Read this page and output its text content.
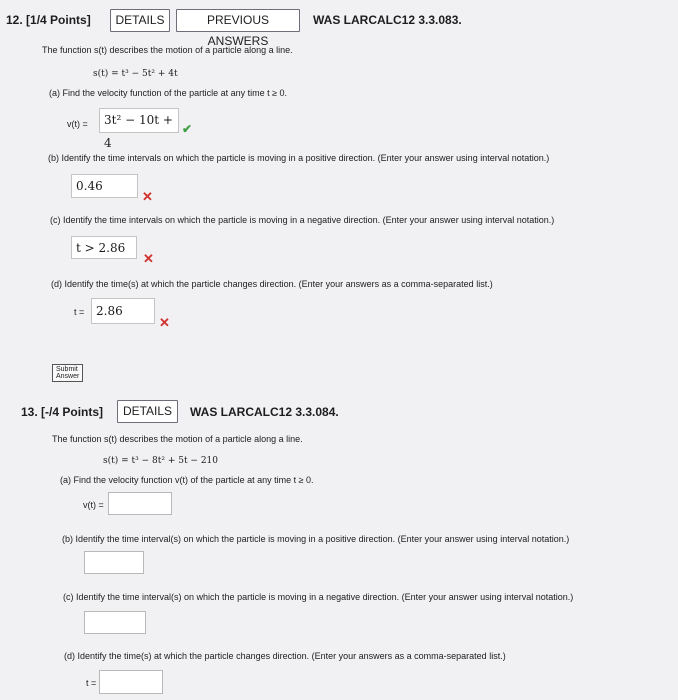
12. [1/4 Points]	DETAILS	PREVIOUS ANSWERS
WAS LARCALC12 3.3.083.
The function s(t) describes the motion of a particle along a line.
s(t) = t³ − 5t² + 4t
(a) Find the velocity function of the particle at any time t ≥ 0.
v(t) =	3t² − 10t + 4
✔
(b) Identify the time intervals on which the particle is moving in a positive direction. (Enter your answer using interval notation.)
0.46
✕
(c) Identify the time intervals on which the particle is moving in a negative direction. (Enter your answer using interval notation.)
t > 2.86
✕
(d) Identify the time(s) at which the particle changes direction. (Enter your answers as a comma-separated list.)
t = 2.86
✕
Submit Answer
13. [-/4 Points]	DETAILS	WAS LARCALC12 3.3.084.
The function s(t) describes the motion of a particle along a line.
s(t) = t³ − 8t² + 5t − 210
(a) Find the velocity function v(t) of the particle at any time t ≥ 0.
v(t) =
(b) Identify the time interval(s) on which the particle is moving in a positive direction. (Enter your answer using interval notation.)
(c) Identify the time interval(s) on which the particle is moving in a negative direction. (Enter your answer using interval notation.)
(d) Identify the time(s) at which the particle changes direction. (Enter your answers as a comma-separated list.)
t =
